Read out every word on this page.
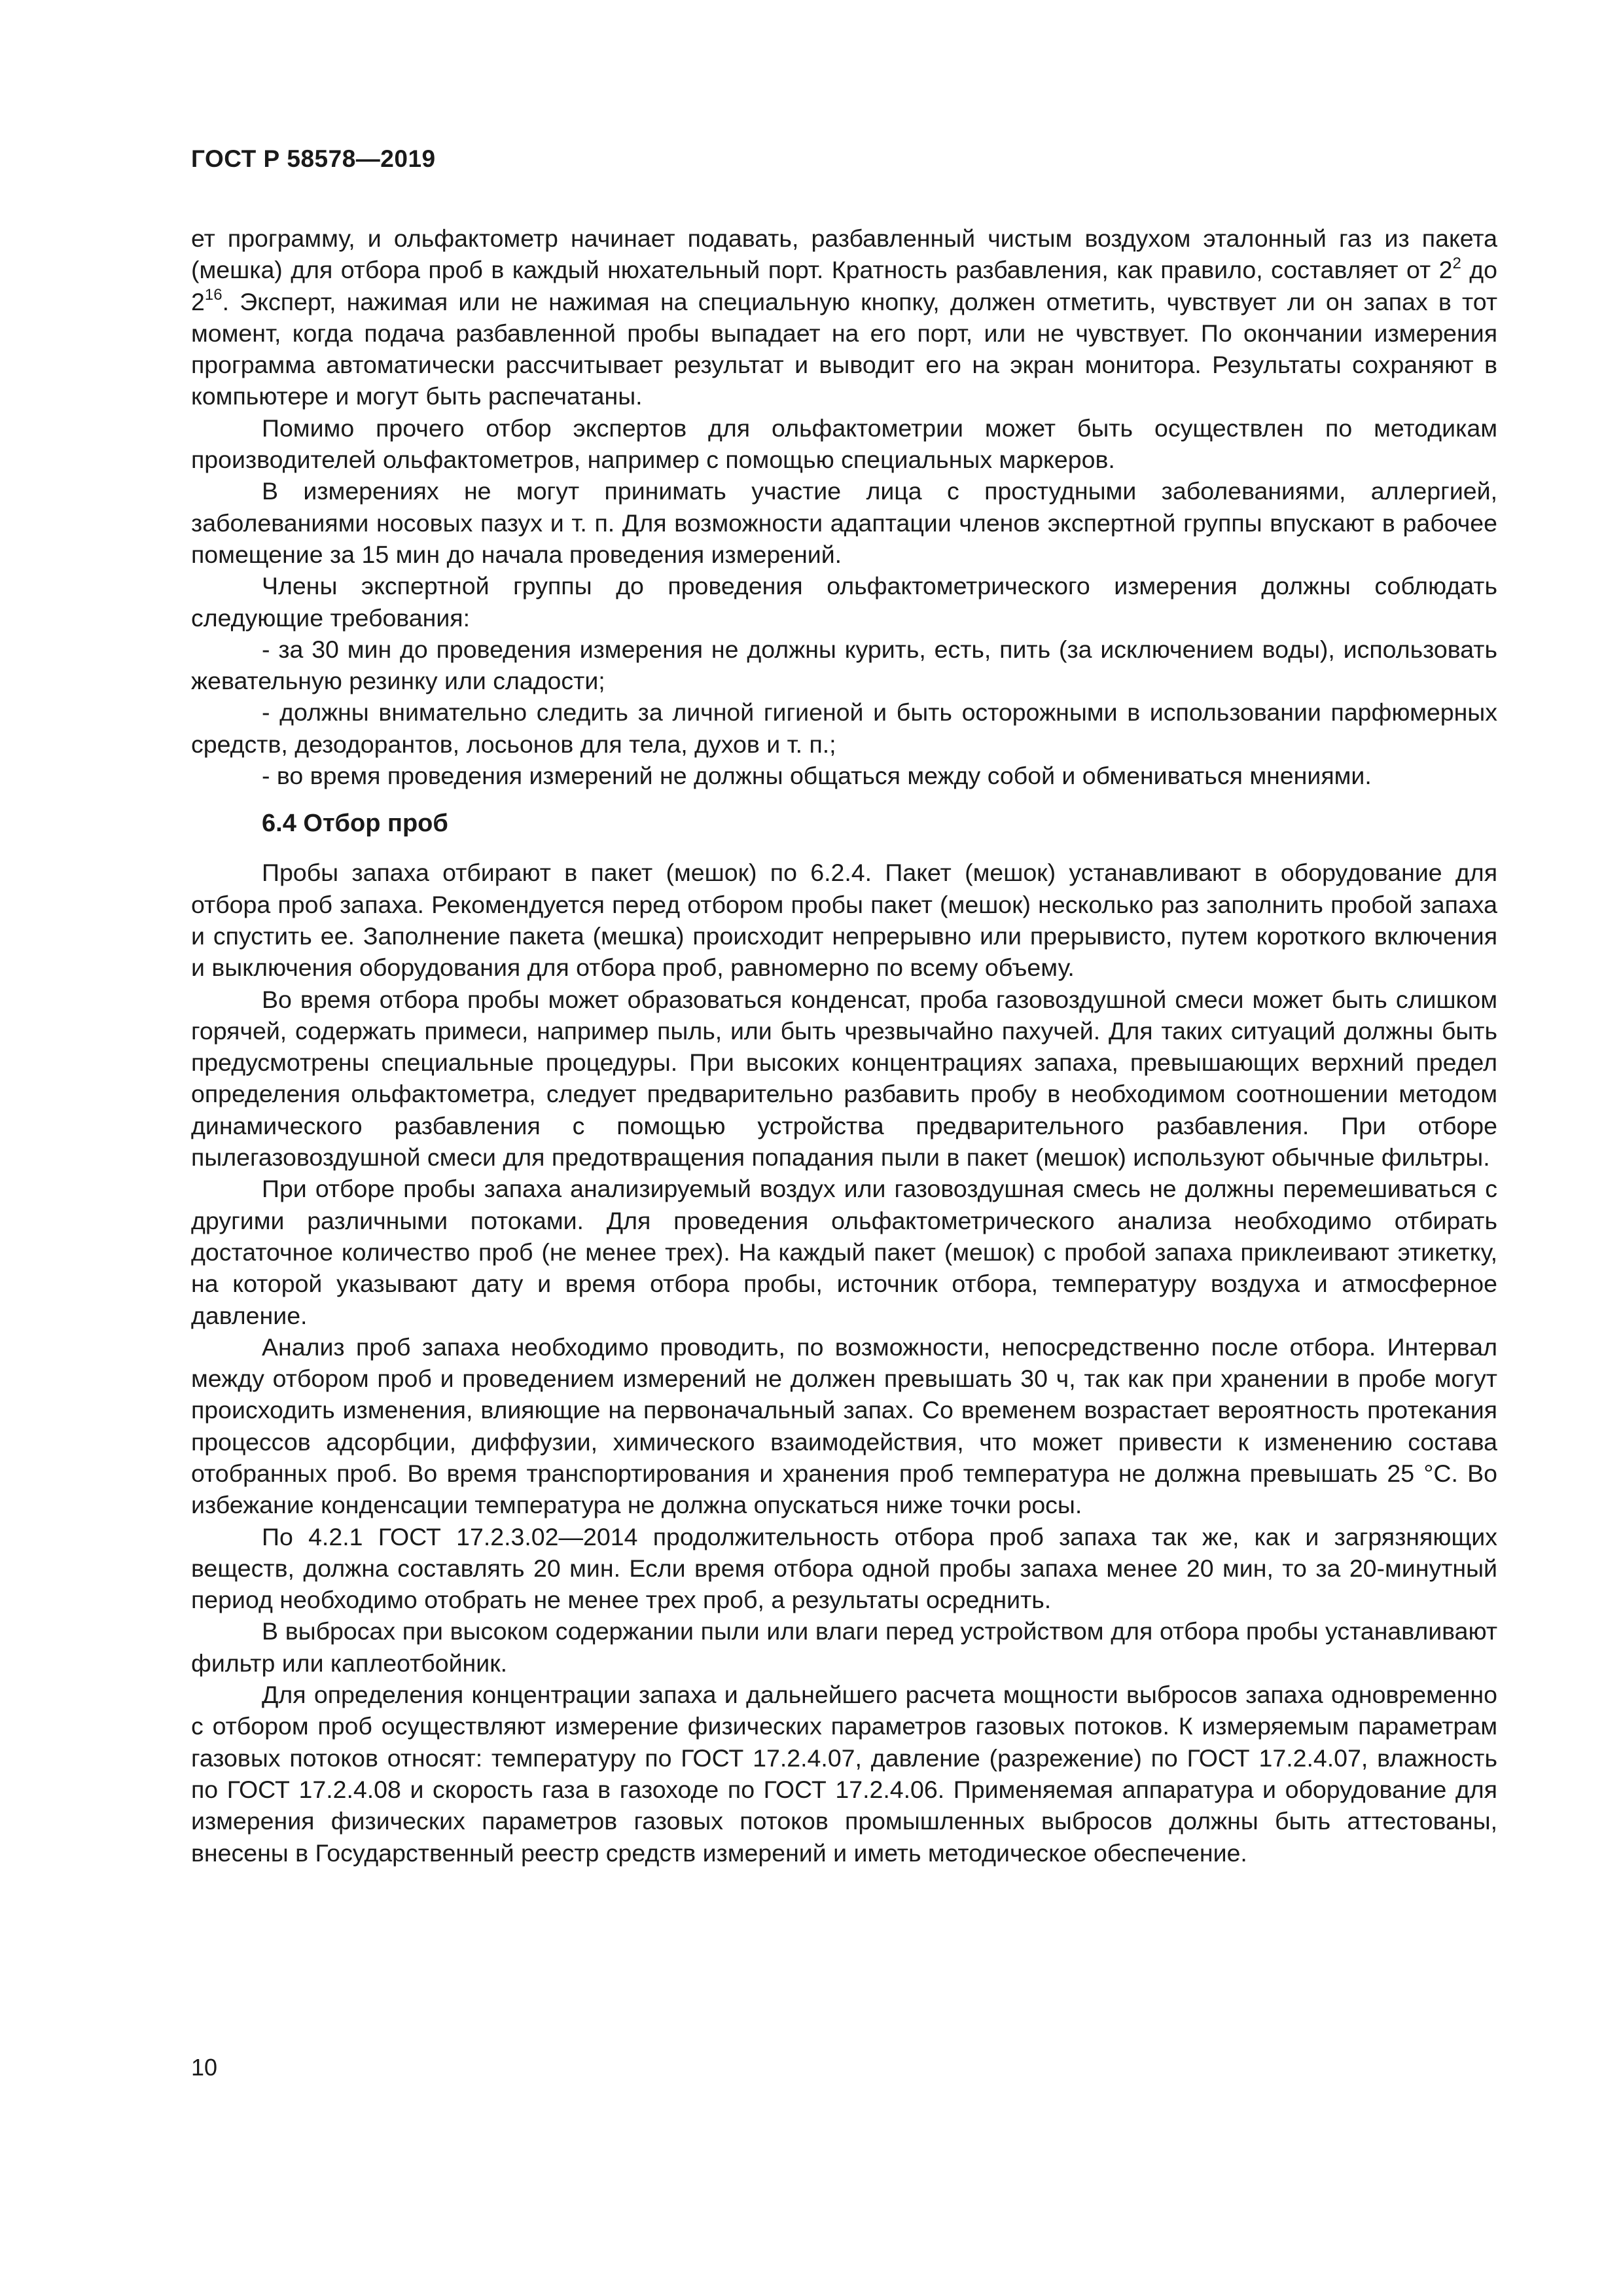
ГОСТ Р 58578—2019

ет программу, и ольфактометр начинает подавать, разбавленный чистым воздухом эталонный газ из пакета (мешка) для отбора проб в каждый нюхательный порт. Кратность разбавления, как правило, составляет от $2^2$ до $2^{16}$. Эксперт, нажимая или не нажимая на специальную кнопку, должен отметить, чувствует ли он запах в тот момент, когда подача разбавленной пробы выпадает на его порт, или не чувствует. По окончании измерения программа автоматически рассчитывает результат и выводит его на экран монитора. Результаты сохраняют в компьютере и могут быть распечатаны.

Помимо прочего отбор экспертов для ольфактометрии может быть осуществлен по методикам производителей ольфактометров, например с помощью специальных маркеров.

В измерениях не могут принимать участие лица с простудными заболеваниями, аллергией, заболеваниями носовых пазух и т. п. Для возможности адаптации членов экспертной группы впускают в рабочее помещение за 15 мин до начала проведения измерений.

Члены экспертной группы до проведения ольфактометрического измерения должны соблюдать следующие требования:

- за 30 мин до проведения измерения не должны курить, есть, пить (за исключением воды), использовать жевательную резинку или сладости;

- должны внимательно следить за личной гигиеной и быть осторожными в использовании парфюмерных средств, дезодорантов, лосьонов для тела, духов и т. п.;

- во время проведения измерений не должны общаться между собой и обмениваться мнениями.

6.4 Отбор проб

Пробы запаха отбирают в пакет (мешок) по 6.2.4. Пакет (мешок) устанавливают в оборудование для отбора проб запаха. Рекомендуется перед отбором пробы пакет (мешок) несколько раз заполнить пробой запаха и спустить ее. Заполнение пакета (мешка) происходит непрерывно или прерывисто, путем короткого включения и выключения оборудования для отбора проб, равномерно по всему объему.

Во время отбора пробы может образоваться конденсат, проба газовоздушной смеси может быть слишком горячей, содержать примеси, например пыль, или быть чрезвычайно пахучей. Для таких ситуаций должны быть предусмотрены специальные процедуры. При высоких концентрациях запаха, превышающих верхний предел определения ольфактометра, следует предварительно разбавить пробу в необходимом соотношении методом динамического разбавления с помощью устройства предварительного разбавления. При отборе пылегазовоздушной смеси для предотвращения попадания пыли в пакет (мешок) используют обычные фильтры.

При отборе пробы запаха анализируемый воздух или газовоздушная смесь не должны перемешиваться с другими различными потоками. Для проведения ольфактометрического анализа необходимо отбирать достаточное количество проб (не менее трех). На каждый пакет (мешок) с пробой запаха приклеивают этикетку, на которой указывают дату и время отбора пробы, источник отбора, температуру воздуха и атмосферное давление.

Анализ проб запаха необходимо проводить, по возможности, непосредственно после отбора. Интервал между отбором проб и проведением измерений не должен превышать 30 ч, так как при хранении в пробе могут происходить изменения, влияющие на первоначальный запах. Со временем возрастает вероятность протекания процессов адсорбции, диффузии, химического взаимодействия, что может привести к изменению состава отобранных проб. Во время транспортирования и хранения проб температура не должна превышать 25 °С. Во избежание конденсации температура не должна опускаться ниже точки росы.

По 4.2.1 ГОСТ 17.2.3.02—2014 продолжительность отбора проб запаха так же, как и загрязняющих веществ, должна составлять 20 мин. Если время отбора одной пробы запаха менее 20 мин, то за 20-минутный период необходимо отобрать не менее трех проб, а результаты осреднить.

В выбросах при высоком содержании пыли или влаги перед устройством для отбора пробы устанавливают фильтр или каплеотбойник.

Для определения концентрации запаха и дальнейшего расчета мощности выбросов запаха одновременно с отбором проб осуществляют измерение физических параметров газовых потоков. К измеряемым параметрам газовых потоков относят: температуру по ГОСТ 17.2.4.07, давление (разрежение) по ГОСТ 17.2.4.07, влажность по ГОСТ 17.2.4.08 и скорость газа в газоходе по ГОСТ 17.2.4.06. Применяемая аппаратура и оборудование для измерения физических параметров газовых потоков промышленных выбросов должны быть аттестованы, внесены в Государственный реестр средств измерений и иметь методическое обеспечение.

10
